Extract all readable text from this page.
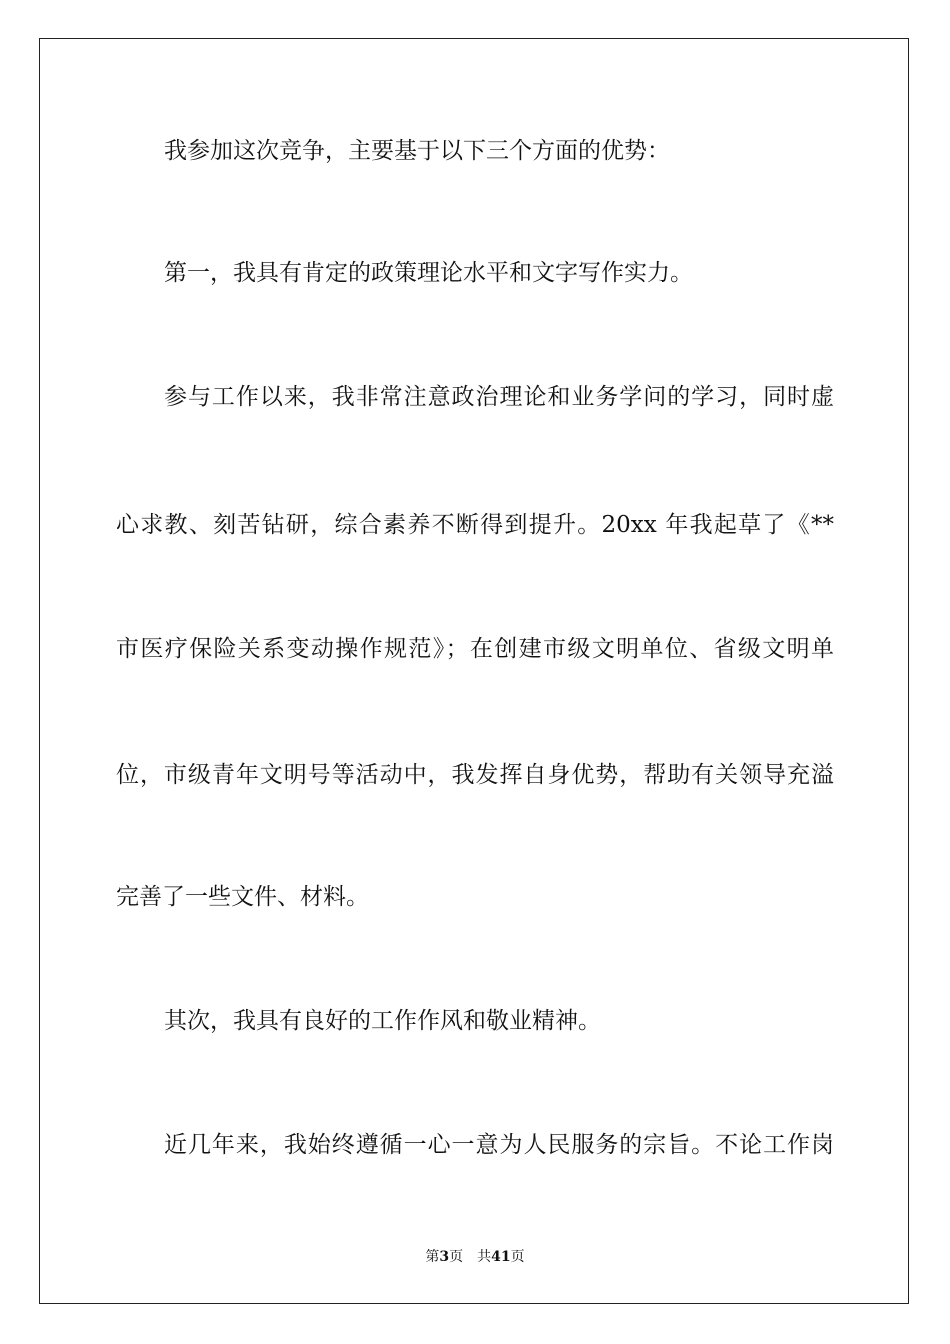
我参加这次竞争，主要基于以下三个方面的优势：

第一，我具有肯定的政策理论水平和文字写作实力。

参与工作以来，我非常注意政治理论和业务学问的学习，同时虚

心求教、刻苦钻研，综合素养不断得到提升。20xx 年我起草了《**

市医疗保险关系变动操作规范》；在创建市级文明单位、省级文明单

位，市级青年文明号等活动中，我发挥自身优势，帮助有关领导充溢

完善了一些文件、材料。

其次，我具有良好的工作作风和敬业精神。

近几年来，我始终遵循一心一意为人民服务的宗旨。不论工作岗

第3页 共41页
